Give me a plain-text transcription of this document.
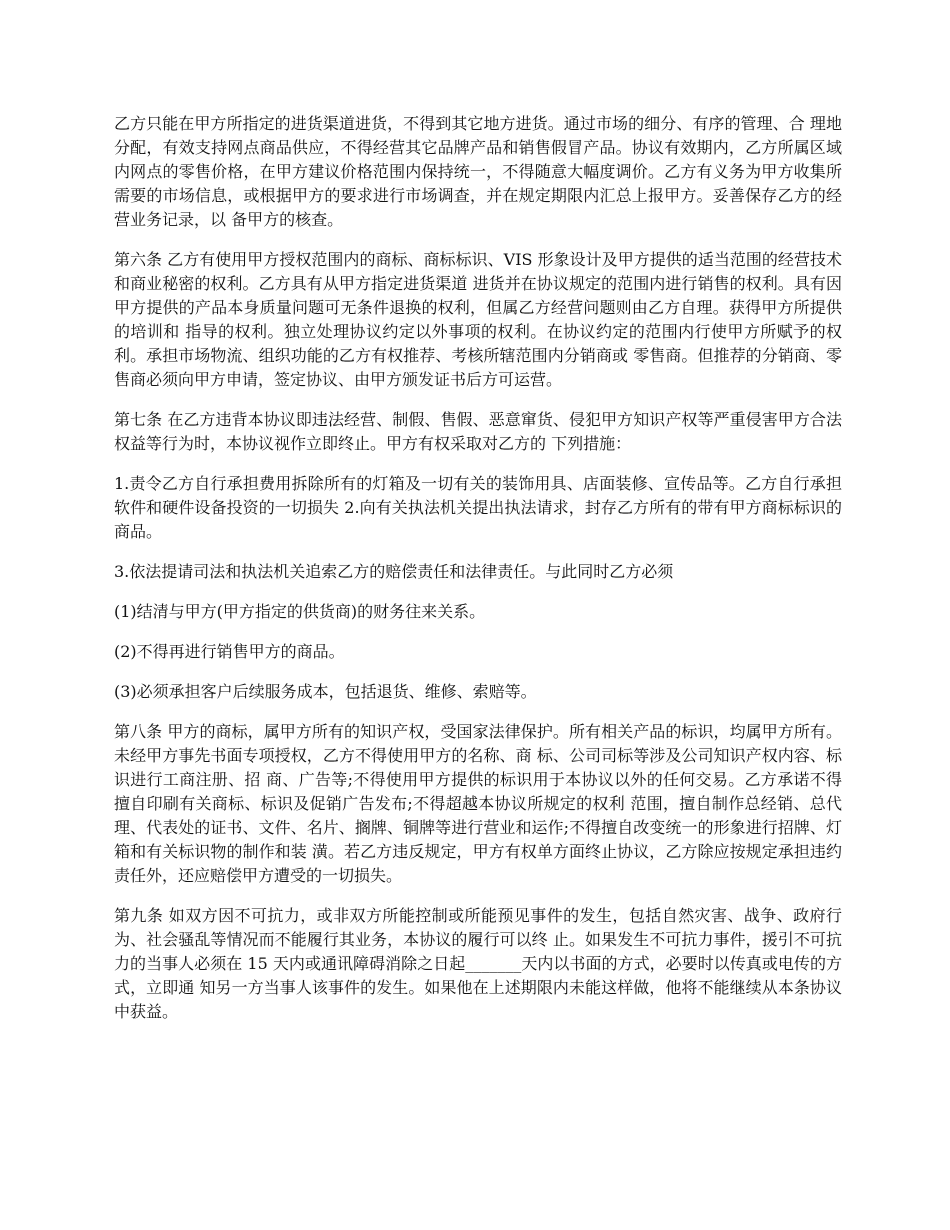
乙方只能在甲方所指定的进货渠道进货，不得到其它地方进货。通过市场的细分、有序的管理、合 理地分配，有效支持网点商品供应，不得经营其它品牌产品和销售假冒产品。协议有效期内，乙方所属区域内网点的零售价格，在甲方建议价格范围内保持统一，不得随意大幅度调价。乙方有义务为甲方收集所需要的市场信息，或根据甲方的要求进行市场调查，并在规定期限内汇总上报甲方。妥善保存乙方的经营业务记录，以 备甲方的核查。

第六条 乙方有使用甲方授权范围内的商标、商标标识、VIS 形象设计及甲方提供的适当范围的经营技术和商业秘密的权利。乙方具有从甲方指定进货渠道 进货并在协议规定的范围内进行销售的权利。具有因甲方提供的产品本身质量问题可无条件退换的权利，但属乙方经营问题则由乙方自理。获得甲方所提供的培训和 指导的权利。独立处理协议约定以外事项的权利。在协议约定的范围内行使甲方所赋予的权利。承担市场物流、组织功能的乙方有权推荐、考核所辖范围内分销商或 零售商。但推荐的分销商、零售商必须向甲方申请，签定协议、由甲方颁发证书后方可运营。

第七条 在乙方违背本协议即违法经营、制假、售假、恶意窜货、侵犯甲方知识产权等严重侵害甲方合法权益等行为时，本协议视作立即终止。甲方有权采取对乙方的 下列措施：

1.责令乙方自行承担费用拆除所有的灯箱及一切有关的装饰用具、店面装修、宣传品等。乙方自行承担软件和硬件设备投资的一切损失 2.向有关执法机关提出执法请求，封存乙方所有的带有甲方商标标识的商品。

3.依法提请司法和执法机关追索乙方的赔偿责任和法律责任。与此同时乙方必须

(1)结清与甲方(甲方指定的供货商)的财务往来关系。

(2)不得再进行销售甲方的商品。

(3)必须承担客户后续服务成本，包括退货、维修、索赔等。

第八条 甲方的商标，属甲方所有的知识产权，受国家法律保护。所有相关产品的标识，均属甲方所有。未经甲方事先书面专项授权，乙方不得使用甲方的名称、商 标、公司司标等涉及公司知识产权内容、标识进行工商注册、招 商、广告等;不得使用甲方提供的标识用于本协议以外的任何交易。乙方承诺不得擅自印刷有关商标、标识及促销广告发布;不得超越本协议所规定的权利 范围，擅自制作总经销、总代理、代表处的证书、文件、名片、搁牌、铜牌等进行营业和运作;不得擅自改变统一的形象进行招牌、灯箱和有关标识物的制作和装 潢。若乙方违反规定，甲方有权单方面终止协议，乙方除应按规定承担违约责任外，还应赔偿甲方遭受的一切损失。

第九条 如双方因不可抗力，或非双方所能控制或所能预见事件的发生，包括自然灾害、战争、政府行为、社会骚乱等情况而不能履行其业务，本协议的履行可以终 止。如果发生不可抗力事件，援引不可抗力的当事人必须在 15 天内或通讯障碍消除之日起_______天内以书面的方式，必要时以传真或电传的方式，立即通 知另一方当事人该事件的发生。如果他在上述期限内未能这样做，他将不能继续从本条协议中获益。
